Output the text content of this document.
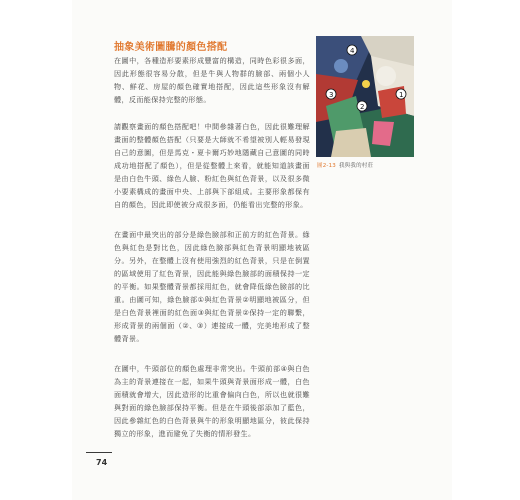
抽象美術圖騰的顏色搭配
在圖中，各種造形要素形成豐富的構造，同時色彩很多面，因此形態很容易分散，但是牛與人物群的臉部、兩個小人物、鮮花、房屋的顏色確實地搭配，因此這些形象沒有解體，反而能保持完整的形態。
請觀察畫面的顏色搭配吧！中間參雜著白色，因此很難理解畫面的整體顏色搭配（只要是大師就不希望被別人輕易發現自己的意圖，但是馬克・夏卡爾巧妙地隱藏自己意圖的同時成功地搭配了顏色），但是從整體上來看，就能知道該畫面是由白色牛頭、綠色人臉、粉紅色與紅色背景，以及很多微小要素構成的畫面中央、上部與下部組成。主要形象都保有自的顏色，因此即使被分成很多面，仍能看出完整的形象。
在畫面中最突出的部分是綠色臉部和正前方的紅色背景。綠色與紅色是對比色，因此綠色臉部與紅色背景明顯地被區分。另外，在整體上沒有使用強烈的紅色背景，只是在倒置的區域使用了紅色背景，因此能與綠色臉部的面積保持一定的平衡。如果整體背景都採用紅色，就會降低綠色臉部的比重。由圖可知，綠色臉部①與紅色背景②明顯地被區分，但是白色背景裡面的紅色面③與紅色背景②保持一定的聯繫，形成背景的兩個面（②、③）連接成一體，完美地形成了整體背景。
在圖中，牛頭部位的顏色處理非常突出。牛頭前部④與白色為主的背景連接在一起，如果牛頭與背景面形成一體，白色面積就會增大，因此造形的比重會偏向白色，所以也就很難與對面的綠色臉部保持平衡。但是在牛頭後部添加了藍色，因此參雜紅色的白色背景與牛的形象明顯地區分，彼此保持獨立的形象，進而避免了失衡的情形發生。
4
3	1
2
圖2-13 我與我的村莊
74
